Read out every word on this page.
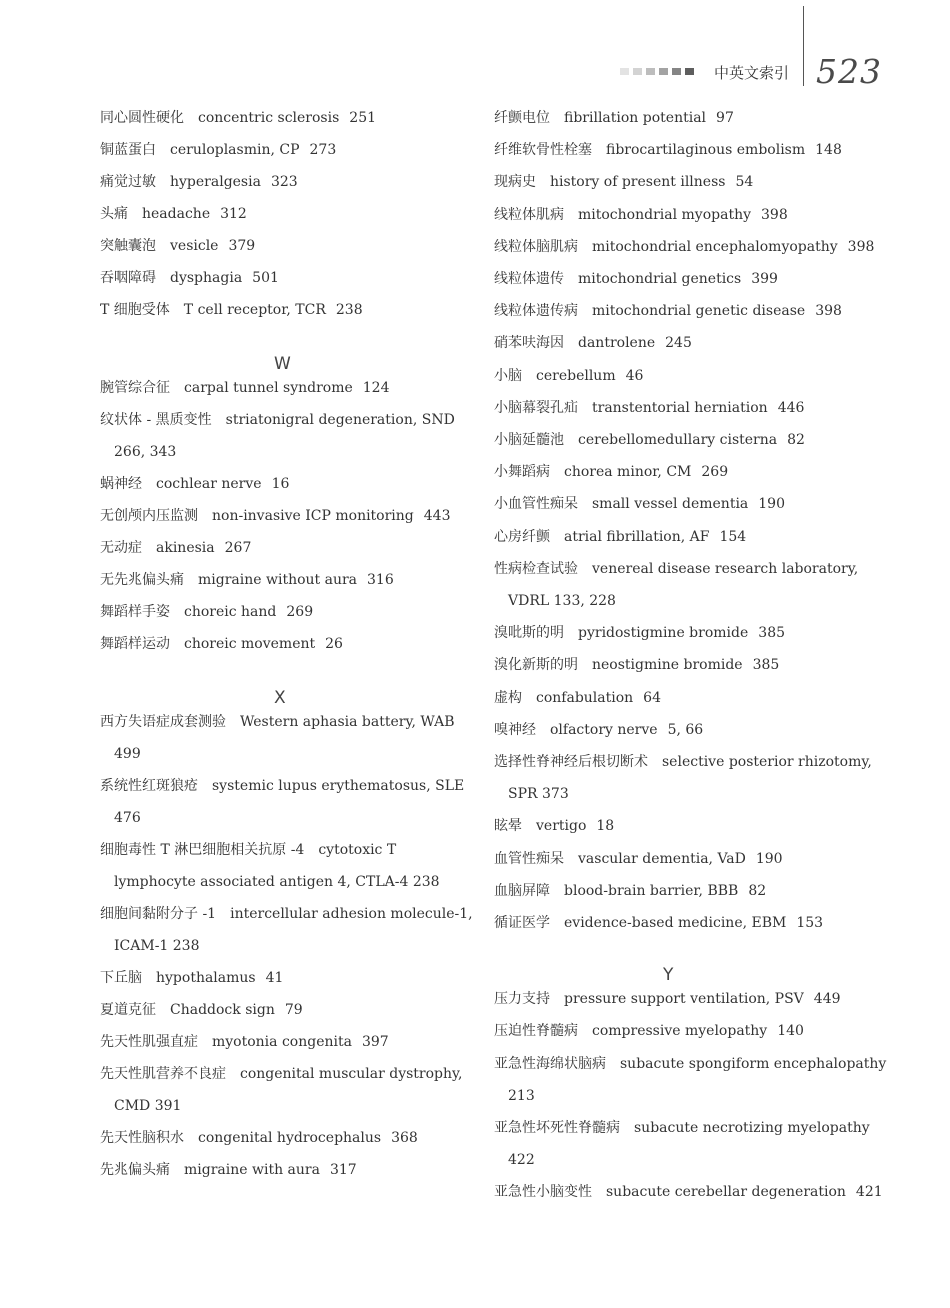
中英文索引 523
同心圆性硬化 concentric sclerosis 251
铜蓝蛋白 ceruloplasmin, CP 273
痛觉过敏 hyperalgesia 323
头痛 headache 312
突触囊泡 vesicle 379
吞咽障碍 dysphagia 501
T 细胞受体 T cell receptor, TCR 238
W
腕管综合征 carpal tunnel syndrome 124
纹状体 - 黑质变性 striatonigral degeneration, SND
266, 343
蜗神经 cochlear nerve 16
无创颅内压监测 non-invasive ICP monitoring 443
无动症 akinesia 267
无先兆偏头痛 migraine without aura 316
舞蹈样手姿 choreic hand 269
舞蹈样运动 choreic movement 26
X
西方失语症成套测验 Western aphasia battery, WAB
499
系统性红斑狼疮 systemic lupus erythematosus, SLE
476
细胞毒性 T 淋巴细胞相关抗原 -4 cytotoxic T
lymphocyte associated antigen 4, CTLA-4 238
细胞间黏附分子 -1 intercellular adhesion molecule-1,
ICAM-1 238
下丘脑 hypothalamus 41
夏道克征 Chaddock sign 79
先天性肌强直症 myotonia congenita 397
先天性肌营养不良症 congenital muscular dystrophy,
CMD 391
先天性脑积水 congenital hydrocephalus 368
先兆偏头痛 migraine with aura 317
纤颤电位 fibrillation potential 97
纤维软骨性栓塞 fibrocartilaginous embolism 148
现病史 history of present illness 54
线粒体肌病 mitochondrial myopathy 398
线粒体脑肌病 mitochondrial encephalomyopathy 398
线粒体遗传 mitochondrial genetics 399
线粒体遗传病 mitochondrial genetic disease 398
硝苯呋海因 dantrolene 245
小脑 cerebellum 46
小脑幕裂孔疝 transtentorial herniation 446
小脑延髓池 cerebellomedullary cisterna 82
小舞蹈病 chorea minor, CM 269
小血管性痴呆 small vessel dementia 190
心房纤颤 atrial fibrillation, AF 154
性病检查试验 venereal disease research laboratory,
VDRL 133, 228
溴吡斯的明 pyridostigmine bromide 385
溴化新斯的明 neostigmine bromide 385
虚构 confabulation 64
嗅神经 olfactory nerve 5, 66
选择性脊神经后根切断术 selective posterior rhizotomy,
SPR 373
眩晕 vertigo 18
血管性痴呆 vascular dementia, VaD 190
血脑屏障 blood-brain barrier, BBB 82
循证医学 evidence-based medicine, EBM 153
Y
压力支持 pressure support ventilation, PSV 449
压迫性脊髓病 compressive myelopathy 140
亚急性海绵状脑病 subacute spongiform encephalopathy
213
亚急性坏死性脊髓病 subacute necrotizing myelopathy
422
亚急性小脑变性 subacute cerebellar degeneration 421
